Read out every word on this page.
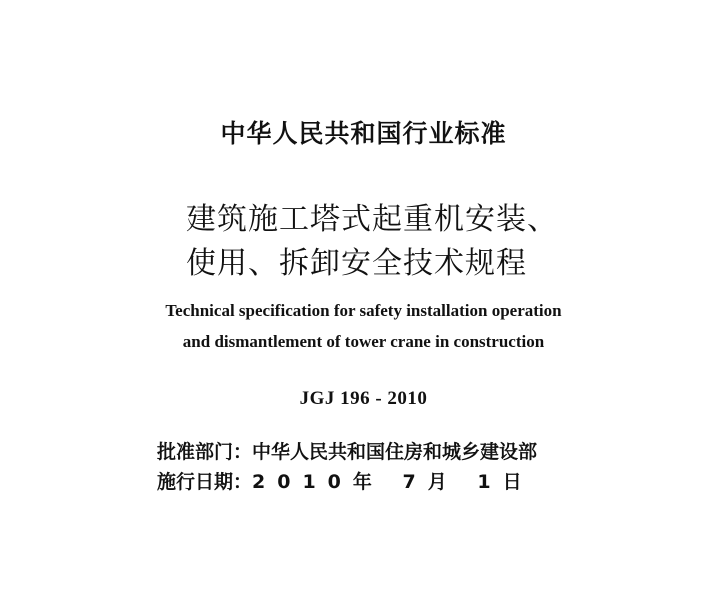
中华人民共和国行业标准
建筑施工塔式起重机安装、
使用、拆卸安全技术规程
Technical specification for safety installation operation
and dismantlement of tower crane in construction
JGJ 196 - 2010
批准部门：中华人民共和国住房和城乡建设部
施行日期：2010年 7月 1日
